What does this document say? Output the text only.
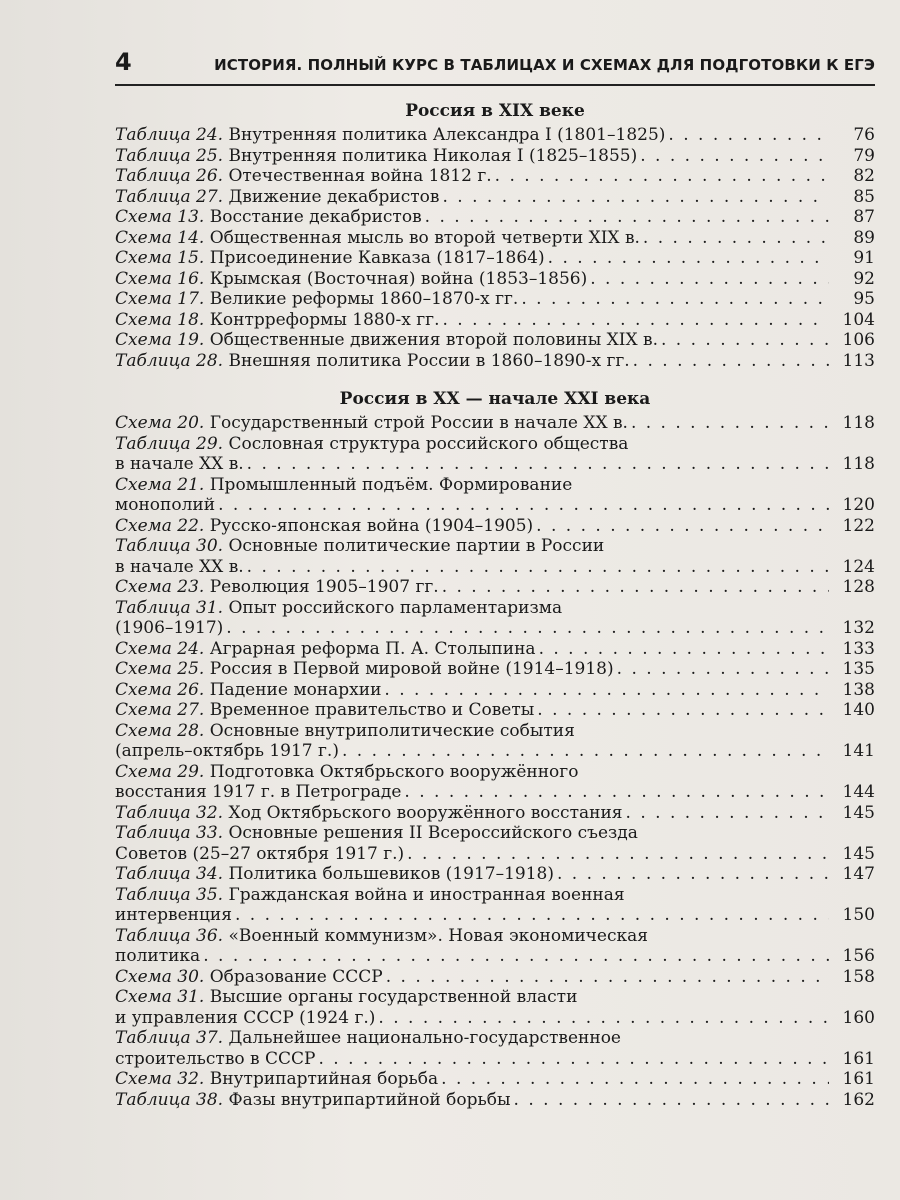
4	ИСТОРИЯ. ПОЛНЫЙ КУРС В ТАБЛИЦАХ И СХЕМАХ ДЛЯ ПОДГОТОВКИ К ЕГЭ
Россия в XIX веке
Таблица 24. Внутренняя политика Александра I (1801–1825) . . .	76
Таблица 25. Внутренняя политика Николая I (1825–1855) . . .	79
Таблица 26. Отечественная война 1812 г. . . .	82
Таблица 27. Движение декабристов . . .	85
Схема 13. Восстание декабристов . . .	87
Схема 14. Общественная мысль во второй четверти XIX в. . . .	89
Схема 15. Присоединение Кавказа (1817–1864) . . .	91
Схема 16. Крымская (Восточная) война (1853–1856) . . .	92
Схема 17. Великие реформы 1860–1870-х гг. . . .	95
Схема 18. Контрреформы 1880-х гг. . . .	104
Схема 19. Общественные движения второй половины XIX в. . . .	106
Таблица 28. Внешняя политика России в 1860–1890-х гг. . . .	113
Россия в XX — начале XXI века
Схема 20. Государственный строй России в начале XX в. . . .	118
Таблица 29. Сословная структура российского общества
в начале XX в. . . .	118
Схема 21. Промышленный подъём. Формирование
монополий . . .	120
Схема 22. Русско-японская война (1904–1905) . . .	122
Таблица 30. Основные политические партии в России
в начале XX в. . . .	124
Схема 23. Революция 1905–1907 гг. . . .	128
Таблица 31. Опыт российского парламентаризма
(1906–1917) . . .	132
Схема 24. Аграрная реформа П. А. Столыпина . . .	133
Схема 25. Россия в Первой мировой войне (1914–1918) . . .	135
Схема 26. Падение монархии . . .	138
Схема 27. Временное правительство и Советы . . .	140
Схема 28. Основные внутриполитические события
(апрель–октябрь 1917 г.) . . .	141
Схема 29. Подготовка Октябрьского вооружённого
восстания 1917 г. в Петрограде . . .	144
Таблица 32. Ход Октябрьского вооружённого восстания . . .	145
Таблица 33. Основные решения II Всероссийского съезда
Советов (25–27 октября 1917 г.) . . .	145
Таблица 34. Политика большевиков (1917–1918) . . .	147
Таблица 35. Гражданская война и иностранная военная
интервенция . . .	150
Таблица 36. «Военный коммунизм». Новая экономическая
политика . . .	156
Схема 30. Образование СССР . . .	158
Схема 31. Высшие органы государственной власти
и управления СССР (1924 г.) . . .	160
Таблица 37. Дальнейшее национально-государственное
строительство в СССР . . .	161
Схема 32. Внутрипартийная борьба . . .	161
Таблица 38. Фазы внутрипартийной борьбы . . .	162
